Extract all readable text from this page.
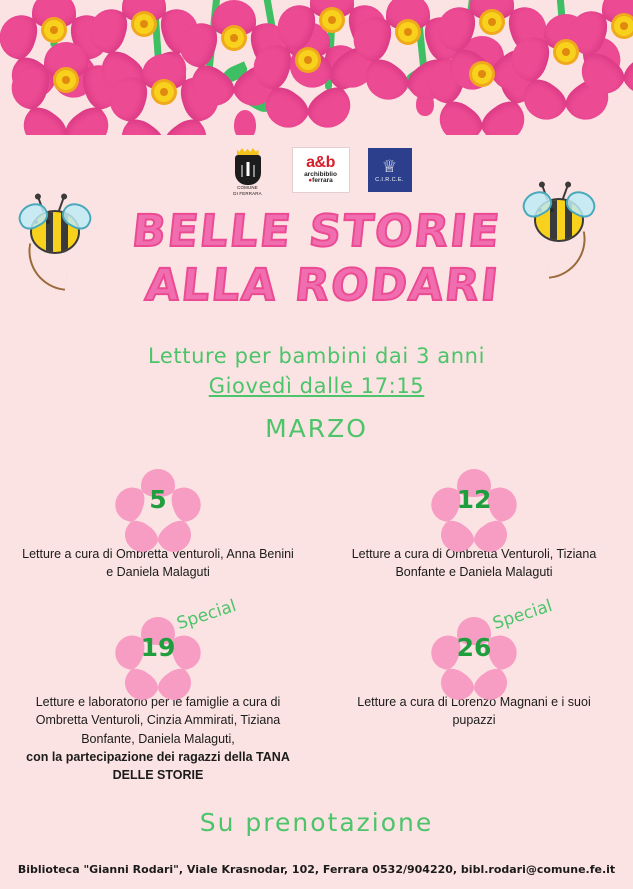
COMUNE
DI FERRARA
a&b
archibiblio
●ferrara
♕
C.I.R.C.E.
BELLE STORIE
ALLA RODARI
Letture per bambini dai 3 anni
Giovedì dalle 17:15
MARZO
5
Letture a cura di Ombretta Venturoli, Anna Benini e Daniela Malaguti
12
Letture a cura di Ombretta Venturoli, Tiziana Bonfante e Daniela Malaguti
19
Special
Letture e laboratorio per le famiglie a cura di Ombretta Venturoli, Cinzia Ammirati, Tiziana Bonfante, Daniela Malaguti,
con la partecipazione dei ragazzi della TANA DELLE STORIE
26
Special
Letture a cura di Lorenzo Magnani e i suoi pupazzi
Su prenotazione
Biblioteca "Gianni Rodari", Viale Krasnodar, 102, Ferrara 0532/904220, bibl.rodari@comune.fe.it
